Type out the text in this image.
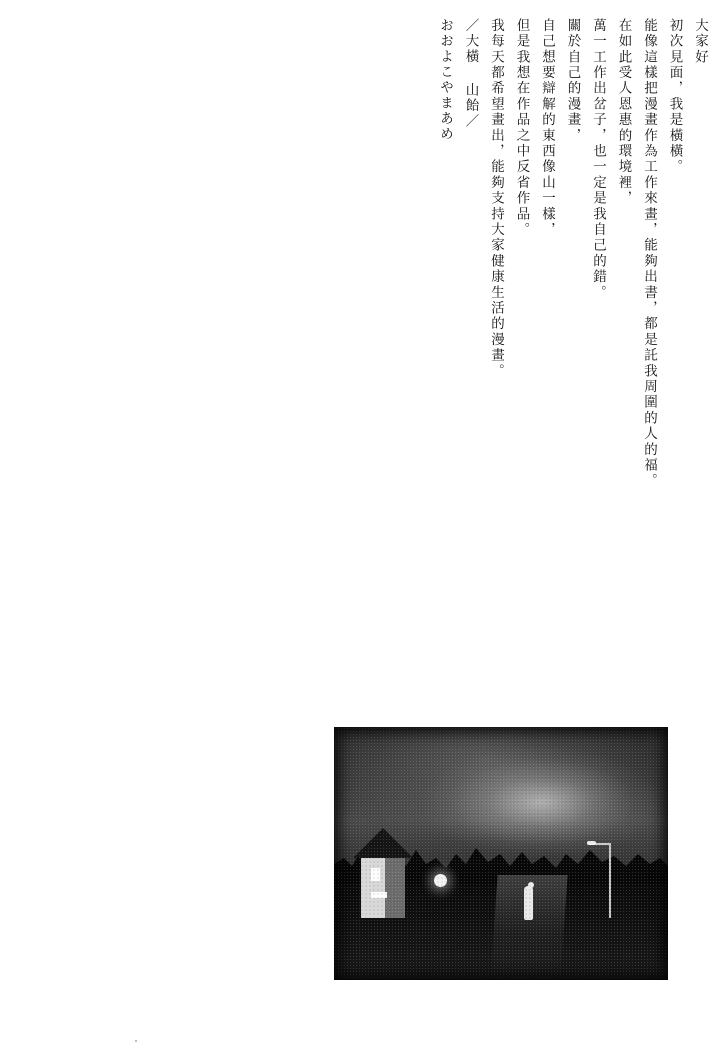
おおよこやまあめ ／大橫 山飴／ 我每天都希望畫出，能夠支持大家健康生活的漫畫。 但是我想在作品之中反省作品。 自己想要辯解的東西像山一樣， 關於自己的漫畫， 萬一工作出岔子，也一定是我自己的錯。 在如此受人恩惠的環境裡， 能像這樣把漫畫作為工作來畫，能夠出書，都是託我周圍的人的福。 初次見面，我是橫橫。 大家好
